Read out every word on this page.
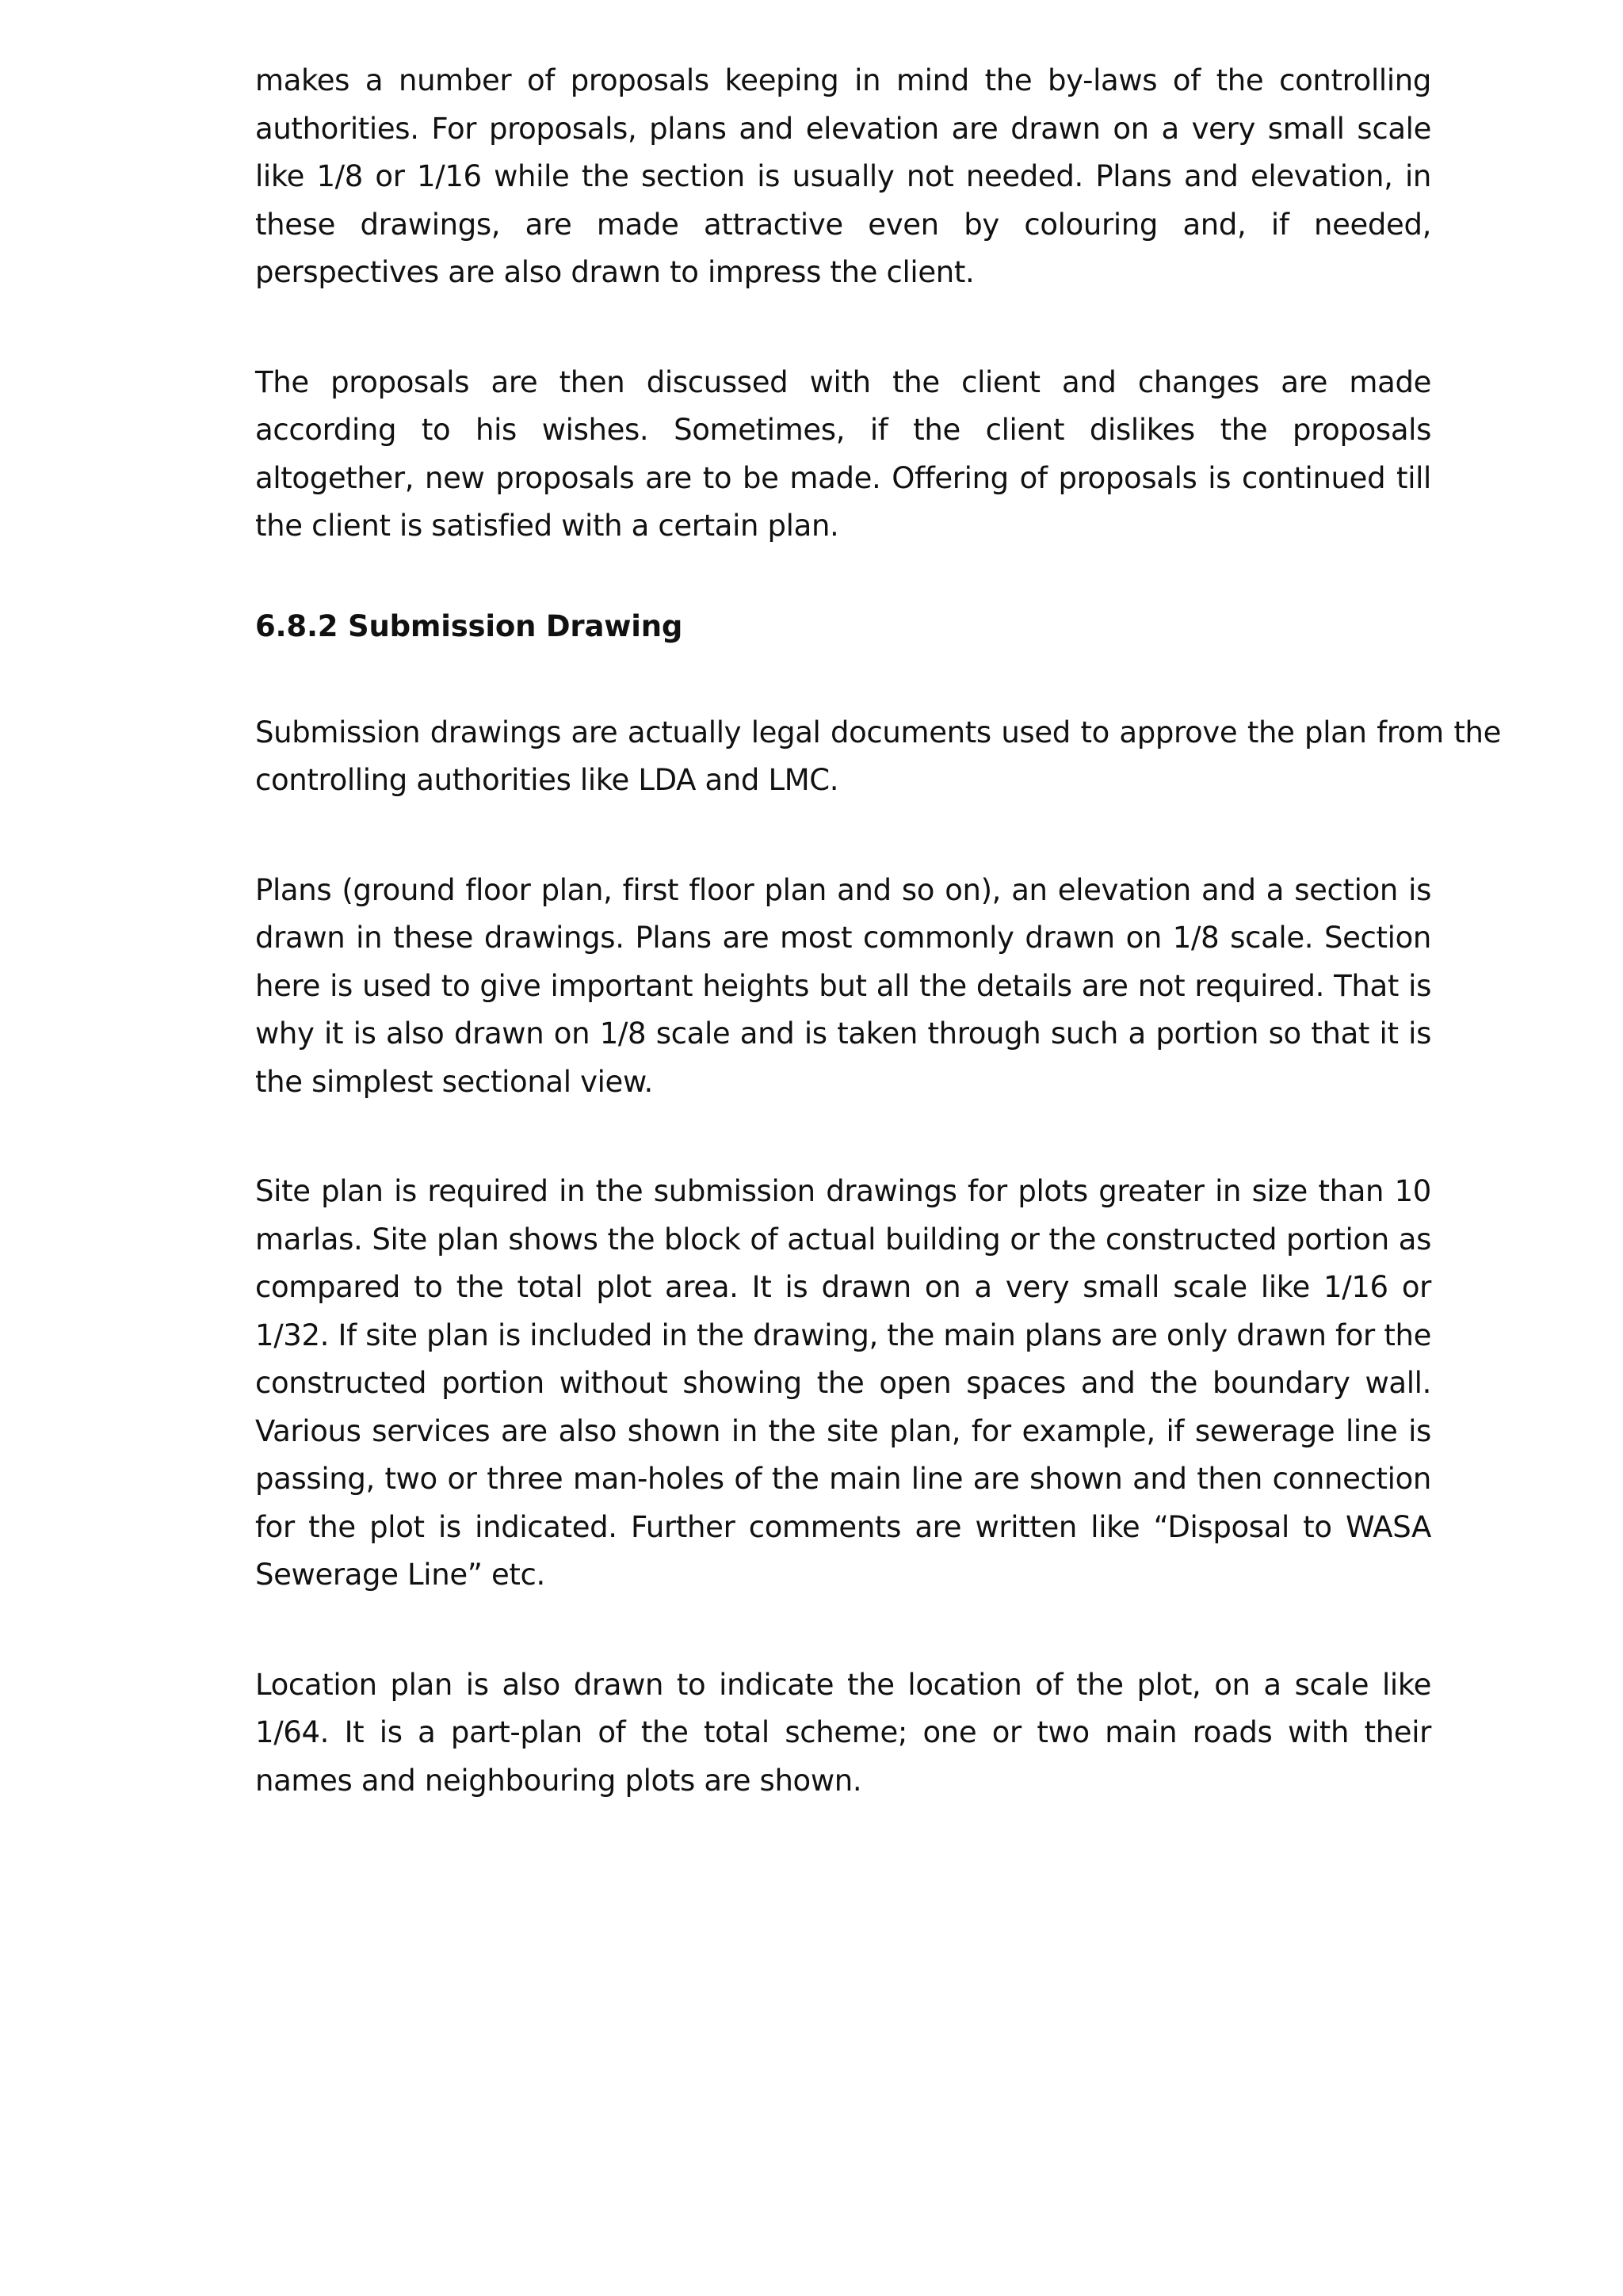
makes a number of proposals keeping in mind the by-laws of the controlling authorities. For proposals, plans and elevation are drawn on a very small scale like 1/8 or 1/16 while the section is usually not needed. Plans and elevation, in these drawings, are made attractive even by colouring and, if needed, perspectives are also drawn to impress the client.

The proposals are then discussed with the client and changes are made according to his wishes. Sometimes, if the client dislikes the proposals altogether, new proposals are to be made. Offering of proposals is continued till the client is satisfied with a certain plan.

6.8.2 Submission Drawing

Submission drawings are actually legal documents used to approve the plan from the controlling authorities like LDA and LMC.

Plans (ground floor plan, first floor plan and so on), an elevation and a section is drawn in these drawings. Plans are most commonly drawn on 1/8 scale. Section here is used to give important heights but all the details are not required. That is why it is also drawn on 1/8 scale and is taken through such a portion so that it is the simplest sectional view.

Site plan is required in the submission drawings for plots greater in size than 10 marlas. Site plan shows the block of actual building or the constructed portion as compared to the total plot area. It is drawn on a very small scale like 1/16 or 1/32. If site plan is included in the drawing, the main plans are only drawn for the constructed portion without showing the open spaces and the boundary wall. Various services are also shown in the site plan, for example, if sewerage line is passing, two or three man-holes of the main line are shown and then connection for the plot is indicated. Further comments are written like “Disposal to WASA Sewerage Line” etc.

Location plan is also drawn to indicate the location of the plot, on a scale like 1/64. It is a part-plan of the total scheme; one or two main roads with their names and neighbouring plots are shown.
